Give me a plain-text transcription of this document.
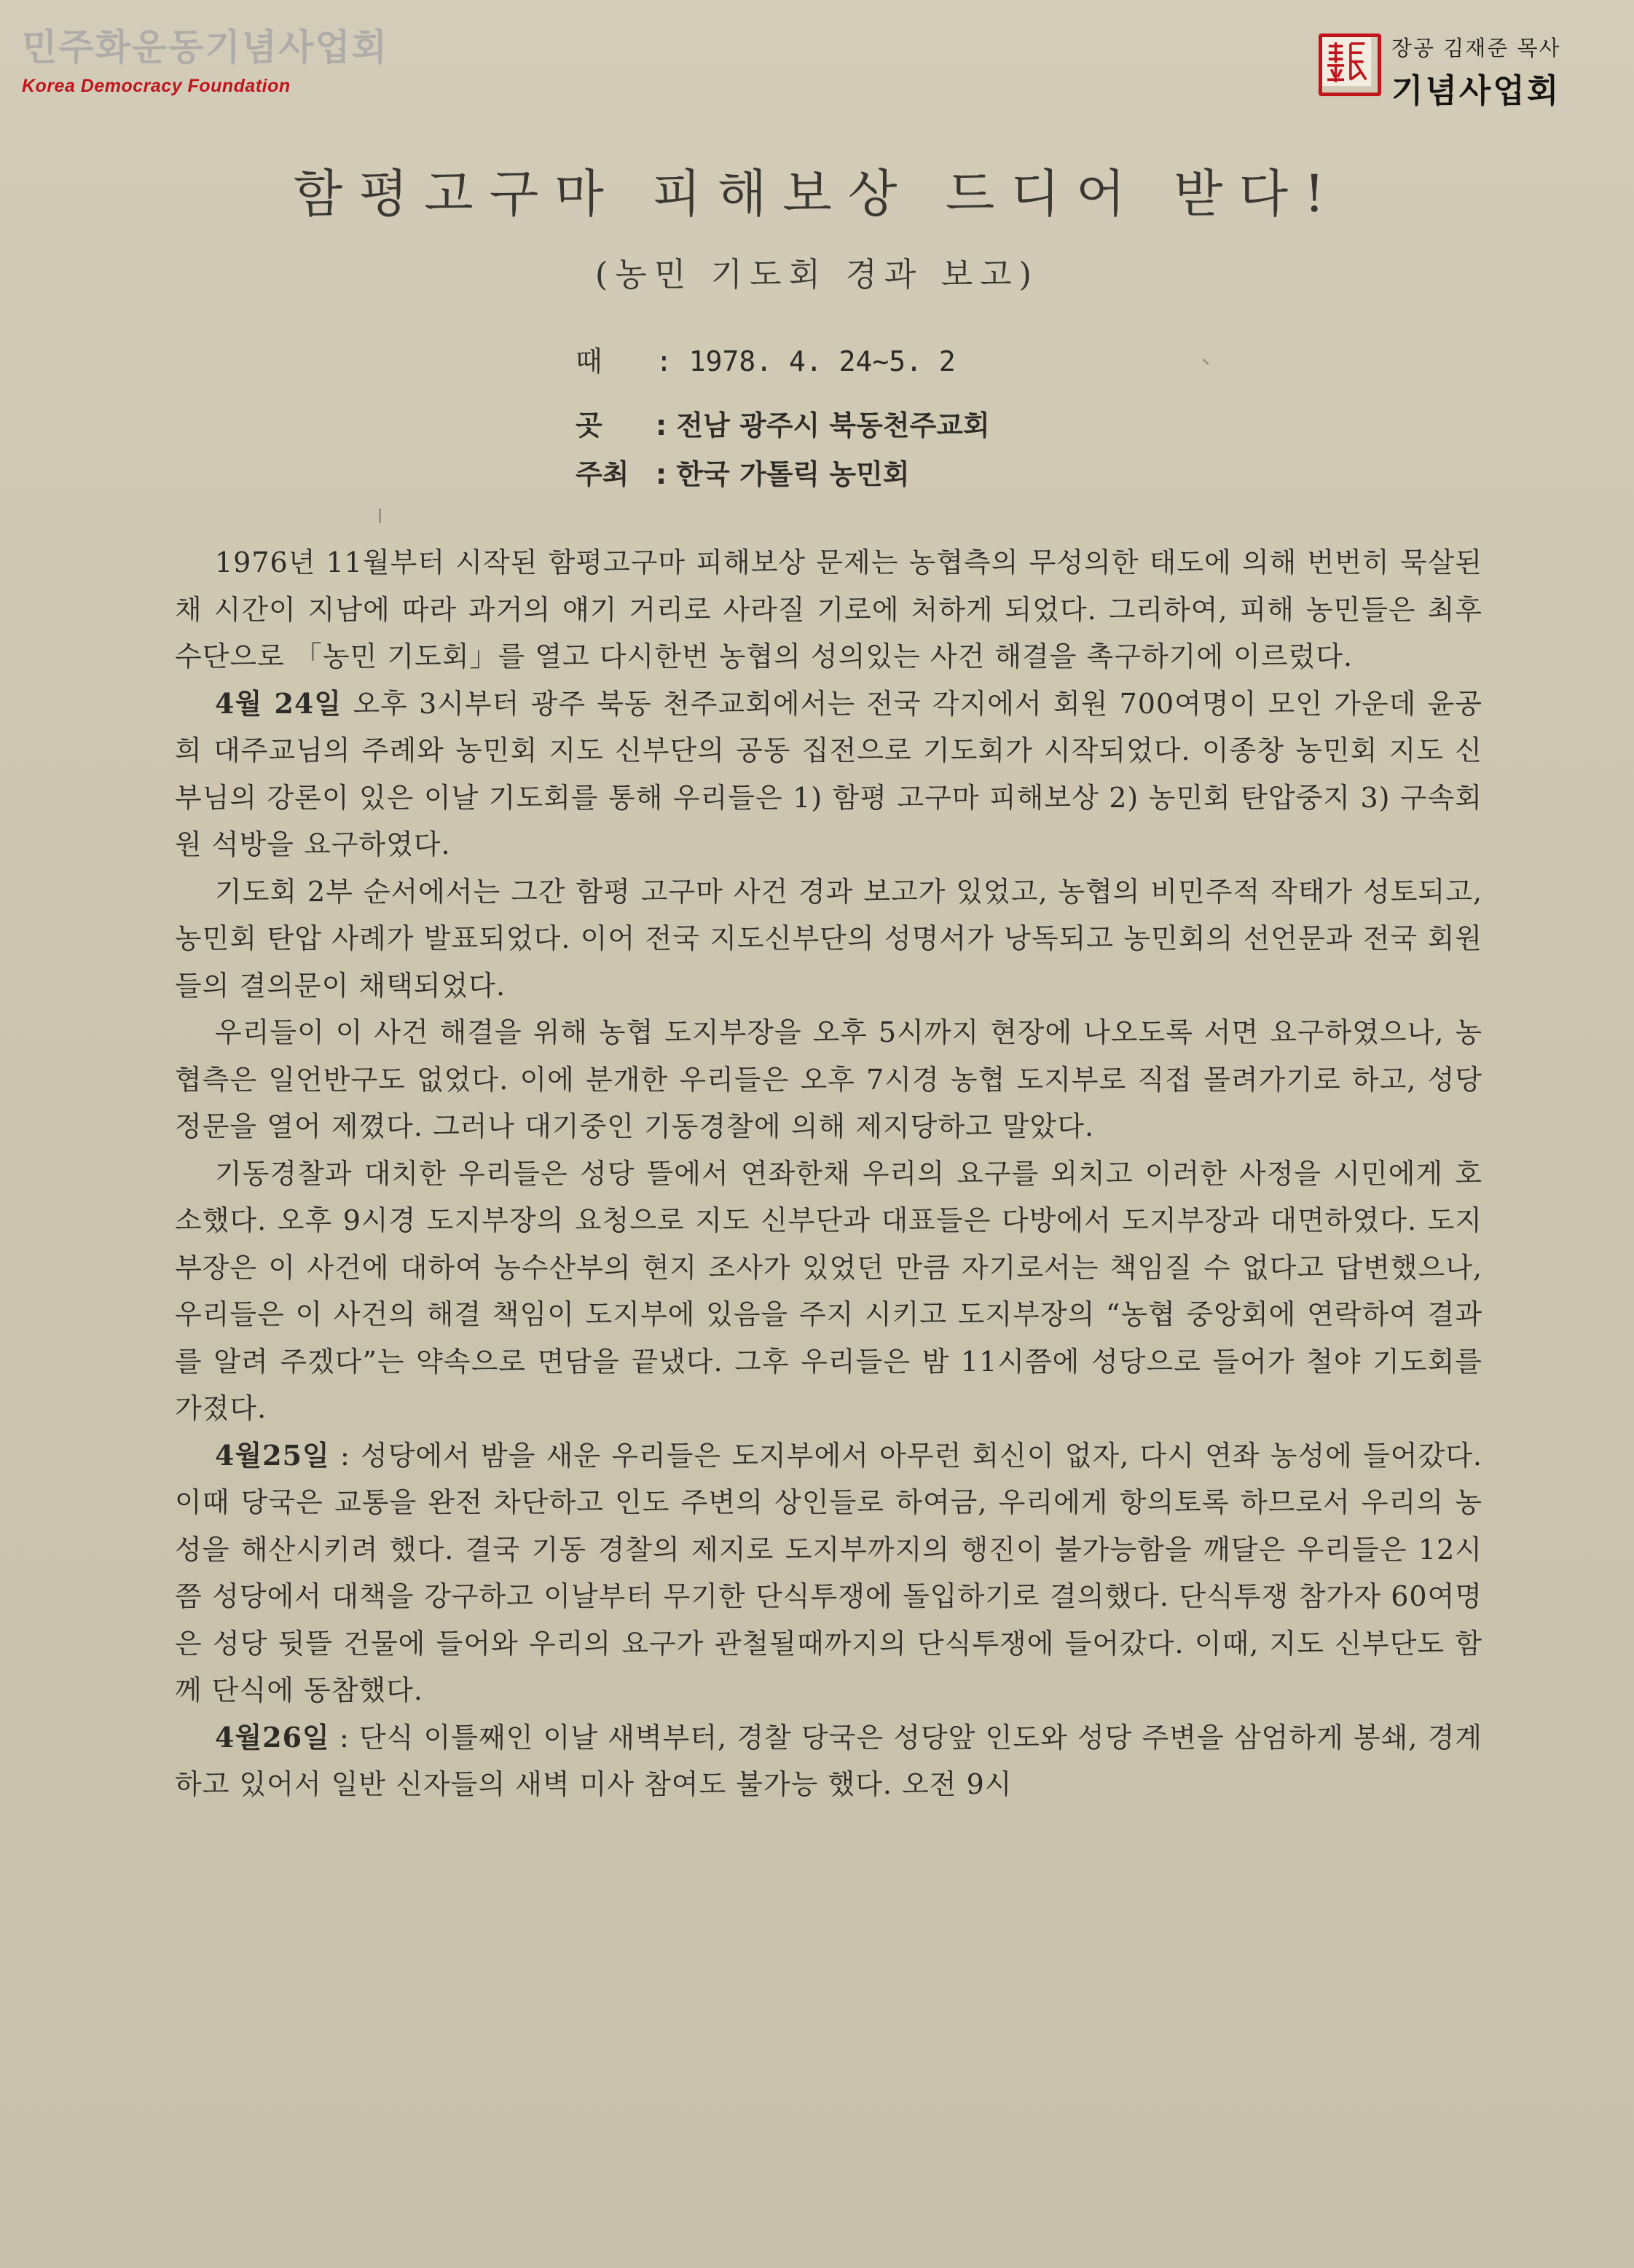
민주화운동기념사업회
Korea Democracy Foundation
장공 김재준 목사
기념사업회
함평고구마 피해보상 드디어 받다!
(농민 기도회 경과 보고)
때 : 1978. 4. 24~5. 2
곳 : 전남 광주시 북동천주교회
주최 : 한국 가톨릭 농민회

1976년 11월부터 시작된 함평고구마 피해보상 문제는 농협측의 무성의한 태도에 의해 번번히 묵살된채 시간이 지남에 따라 과거의 얘기 거리로 사라질 기로에 처하게 되었다. 그리하여, 피해 농민들은 최후 수단으로 「농민 기도회」를 열고 다시한번 농협의 성의있는 사건 해결을 촉구하기에 이르렀다.

4월 24일 오후 3시부터 광주 북동 천주교회에서는 전국 각지에서 회원 700여명이 모인 가운데 윤공희 대주교님의 주례와 농민회 지도 신부단의 공동 집전으로 기도회가 시작되었다. 이종창 농민회 지도 신부님의 강론이 있은 이날 기도회를 통해 우리들은 1) 함평 고구마 피해보상 2) 농민회 탄압중지 3) 구속회원 석방을 요구하였다.

기도회 2부 순서에서는 그간 함평 고구마 사건 경과 보고가 있었고, 농협의 비민주적 작태가 성토되고, 농민회 탄압 사례가 발표되었다. 이어 전국 지도신부단의 성명서가 낭독되고 농민회의 선언문과 전국 회원들의 결의문이 채택되었다.

우리들이 이 사건 해결을 위해 농협 도지부장을 오후 5시까지 현장에 나오도록 서면 요구하였으나, 농협측은 일언반구도 없었다. 이에 분개한 우리들은 오후 7시경 농협 도지부로 직접 몰려가기로 하고, 성당 정문을 열어 제꼈다. 그러나 대기중인 기동경찰에 의해 제지당하고 말았다.

기동경찰과 대치한 우리들은 성당 뜰에서 연좌한채 우리의 요구를 외치고 이러한 사정을 시민에게 호소했다. 오후 9시경 도지부장의 요청으로 지도 신부단과 대표들은 다방에서 도지부장과 대면하였다. 도지부장은 이 사건에 대하여 농수산부의 현지 조사가 있었던 만큼 자기로서는 책임질 수 없다고 답변했으나, 우리들은 이 사건의 해결 책임이 도지부에 있음을 주지 시키고 도지부장의 “농협 중앙회에 연락하여 결과를 알려 주겠다”는 약속으로 면담을 끝냈다. 그후 우리들은 밤 11시쯤에 성당으로 들어가 철야 기도회를 가졌다.

4월25일 : 성당에서 밤을 새운 우리들은 도지부에서 아무런 회신이 없자, 다시 연좌 농성에 들어갔다. 이때 당국은 교통을 완전 차단하고 인도 주변의 상인들로 하여금, 우리에게 항의토록 하므로서 우리의 농성을 해산시키려 했다. 결국 기동 경찰의 제지로 도지부까지의 행진이 불가능함을 깨달은 우리들은 12시쯤 성당에서 대책을 강구하고 이날부터 무기한 단식투쟁에 돌입하기로 결의했다. 단식투쟁 참가자 60여명은 성당 뒷뜰 건물에 들어와 우리의 요구가 관철될때까지의 단식투쟁에 들어갔다. 이때, 지도 신부단도 함께 단식에 동참했다.

4월26일 : 단식 이틀째인 이날 새벽부터, 경찰 당국은 성당앞 인도와 성당 주변을 삼엄하게 봉쇄, 경계하고 있어서 일반 신자들의 새벽 미사 참여도 불가능 했다. 오전 9시
